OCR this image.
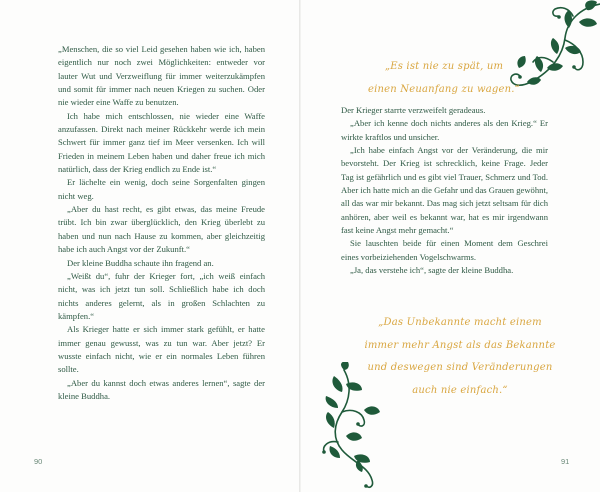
„Menschen, die so viel Leid gesehen haben wie ich, haben eigentlich nur noch zwei Möglichkeiten: entweder vor lauter Wut und Verzweiflung für immer weiterzukämpfen und somit für immer nach neuen Kriegen zu suchen. Oder nie wieder eine Waffe zu benutzen.

Ich habe mich entschlossen, nie wieder eine Waffe anzufassen. Direkt nach meiner Rückkehr werde ich mein Schwert für immer ganz tief im Meer versenken. Ich will Frieden in meinem Leben haben und daher freue ich mich natürlich, dass der Krieg endlich zu Ende ist.“

Er lächelte ein wenig, doch seine Sorgenfalten gingen nicht weg.

„Aber du hast recht, es gibt etwas, das meine Freude trübt. Ich bin zwar überglücklich, den Krieg überlebt zu haben und nun nach Hause zu kommen, aber gleichzeitig habe ich auch Angst vor der Zukunft.“

Der kleine Buddha schaute ihn fragend an.

„Weißt du“, fuhr der Krieger fort, „ich weiß einfach nicht, was ich jetzt tun soll. Schließlich habe ich doch nichts anderes gelernt, als in großen Schlachten zu kämpfen.“

Als Krieger hatte er sich immer stark gefühlt, er hatte immer genau gewusst, was zu tun war. Aber jetzt? Er wusste einfach nicht, wie er ein normales Leben führen sollte.

„Aber du kannst doch etwas anderes lernen“, sagte der kleine Buddha.

90
„Es ist nie zu spät, um
einen Neuanfang zu wagen.“

Der Krieger starrte verzweifelt geradeaus.

„Aber ich kenne doch nichts anderes als den Krieg.“ Er wirkte kraftlos und unsicher.

„Ich habe einfach Angst vor der Veränderung, die mir bevorsteht. Der Krieg ist schrecklich, keine Frage. Jeder Tag ist gefährlich und es gibt viel Trauer, Schmerz und Tod. Aber ich hatte mich an die Gefahr und das Grauen gewöhnt, all das war mir bekannt. Das mag sich jetzt seltsam für dich anhören, aber weil es bekannt war, hat es mir irgendwann fast keine Angst mehr gemacht.“

Sie lauschten beide für einen Moment dem Geschrei eines vorbeiziehenden Vogelschwarms.

„Ja, das verstehe ich“, sagte der kleine Buddha.

„Das Unbekannte macht einem
immer mehr Angst als das Bekannte
und deswegen sind Veränderungen
auch nie einfach.“
91
